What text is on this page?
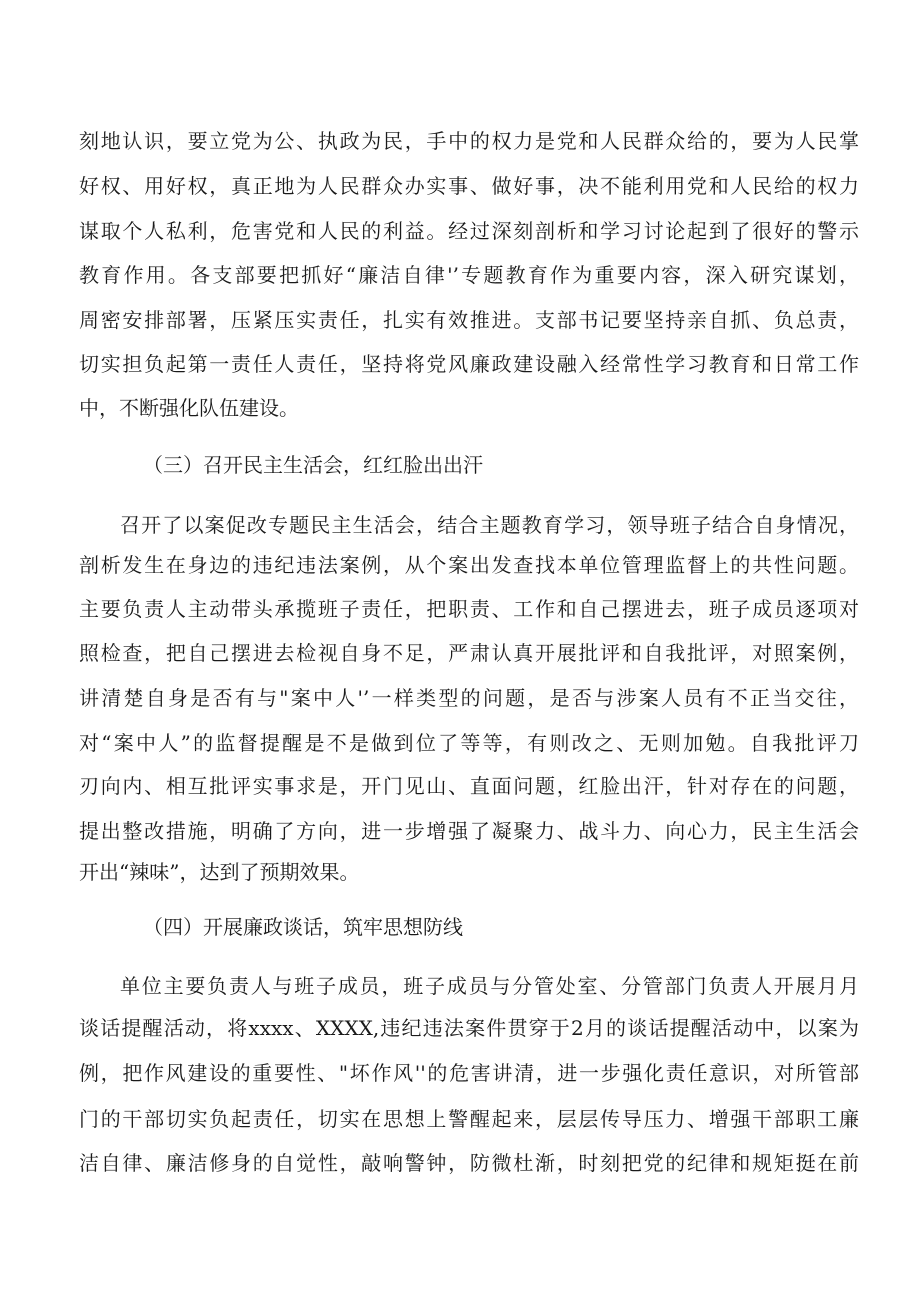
刻地认识，要立党为公、执政为民，手中的权力是党和人民群众给的，要为人民掌
好权、用好权，真正地为人民群众办实事、做好事，决不能利用党和人民给的权力
谋取个人私利，危害党和人民的利益。经过深刻剖析和学习讨论起到了很好的警示
教育作用。各支部要把抓好“廉洁自律'’专题教育作为重要内容，深入研究谋划，
周密安排部署，压紧压实责任，扎实有效推进。支部书记要坚持亲自抓、负总责，
切实担负起第一责任人责任，坚持将党风廉政建设融入经常性学习教育和日常工作
中，不断强化队伍建设。
（三）召开民主生活会，红红脸出出汗
召开了以案促改专题民主生活会，结合主题教育学习，领导班子结合自身情况，
剖析发生在身边的违纪违法案例，从个案出发查找本单位管理监督上的共性问题。
主要负责人主动带头承揽班子责任，把职责、工作和自己摆进去，班子成员逐项对
照检查，把自己摆进去检视自身不足，严肃认真开展批评和自我批评，对照案例，
讲清楚自身是否有与"案中人'’一样类型的问题，是否与涉案人员有不正当交往，
对“案中人”的监督提醒是不是做到位了等等，有则改之、无则加勉。自我批评刀
刃向内、相互批评实事求是，开门见山、直面问题，红脸出汗，针对存在的问题，
提出整改措施，明确了方向，进一步增强了凝聚力、战斗力、向心力，民主生活会
开出“辣味”，达到了预期效果。
（四）开展廉政谈话，筑牢思想防线
单位主要负责人与班子成员，班子成员与分管处室、分管部门负责人开展月月
谈话提醒活动，将xxxx、XXXX,违纪违法案件贯穿于2月的谈话提醒活动中，以案为
例，把作风建设的重要性、"坏作风''的危害讲清，进一步强化责任意识，对所管部
门的干部切实负起责任，切实在思想上警醒起来，层层传导压力、增强干部职工廉
洁自律、廉洁修身的自觉性，敲响警钟，防微杜渐，时刻把党的纪律和规矩挺在前
